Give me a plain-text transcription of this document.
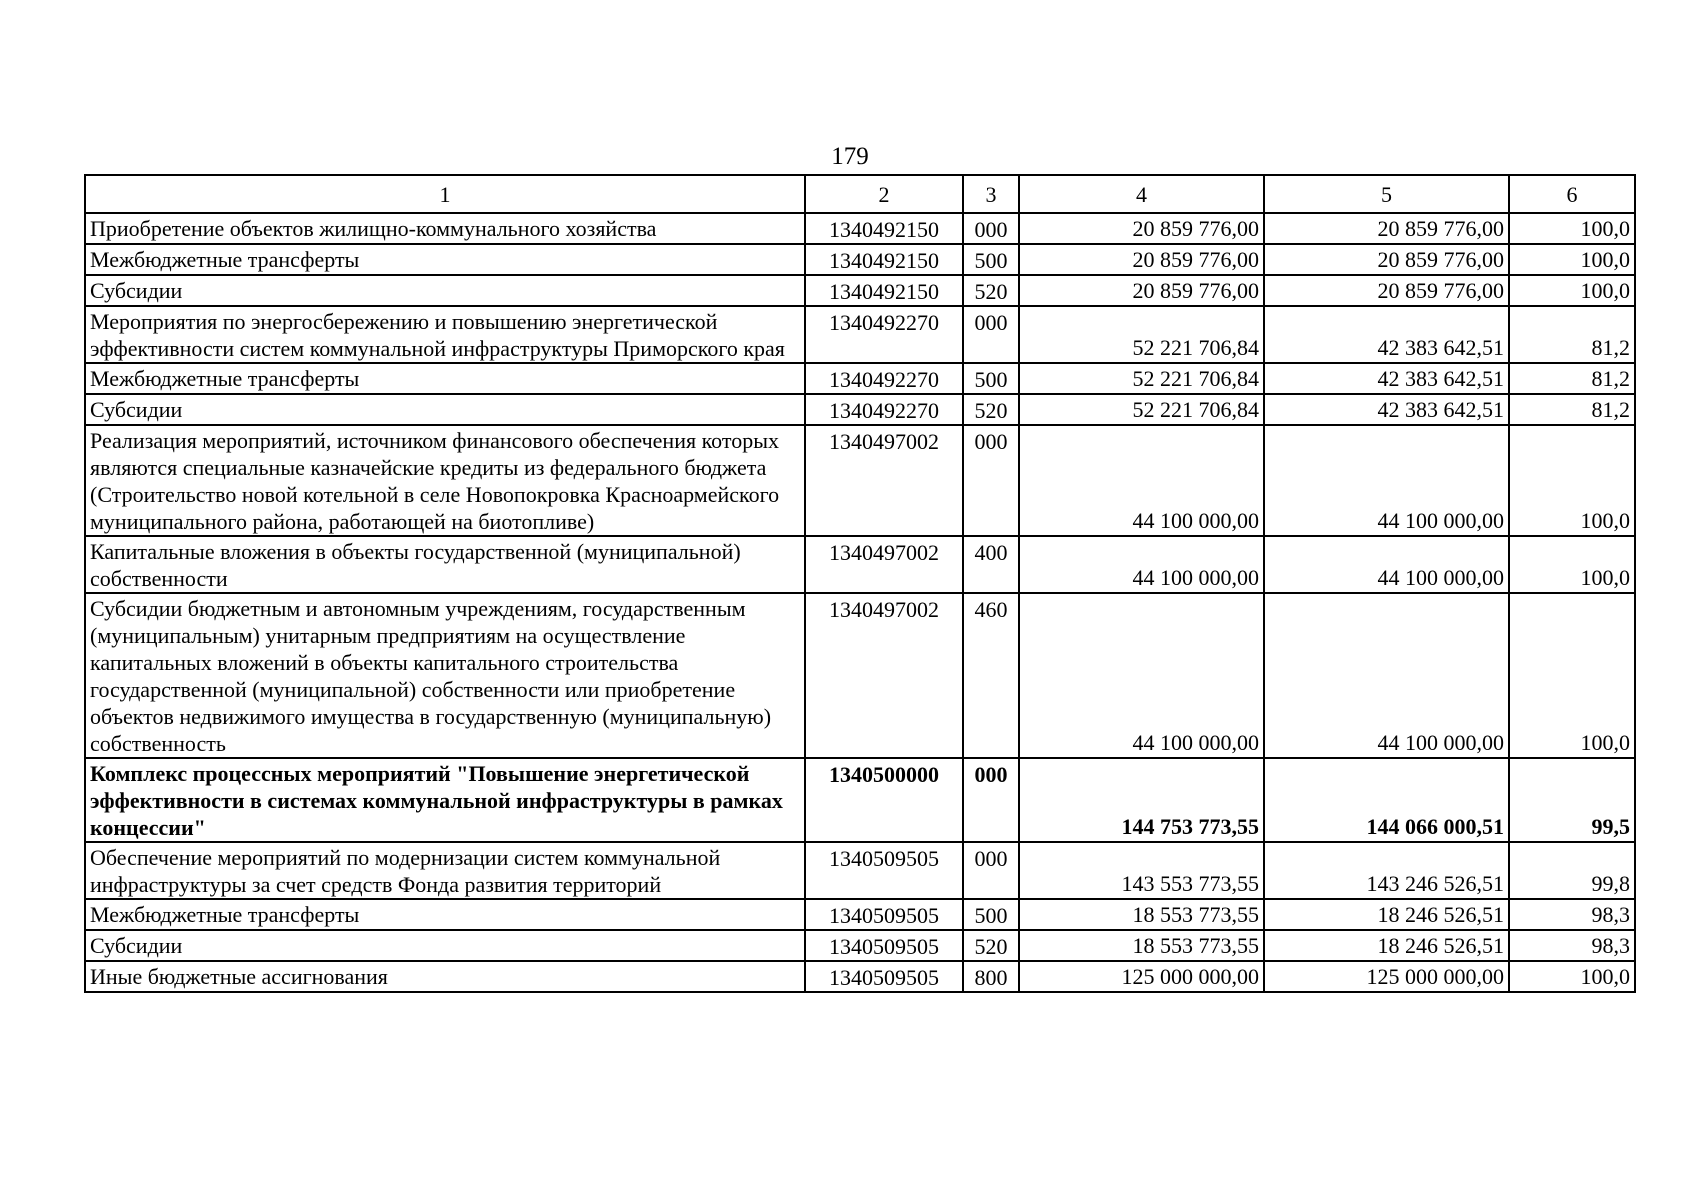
179
1	2	3	4	5	6
Приобретение объектов жилищно-коммунального хозяйства	1340492150	000	20 859 776,00	20 859 776,00	100,0
Межбюджетные трансферты	1340492150	500	20 859 776,00	20 859 776,00	100,0
Субсидии	1340492150	520	20 859 776,00	20 859 776,00	100,0
Мероприятия по энергосбережению и повышению энергетической эффективности систем коммунальной инфраструктуры Приморского края	1340492270	000	52 221 706,84	42 383 642,51	81,2
Межбюджетные трансферты	1340492270	500	52 221 706,84	42 383 642,51	81,2
Субсидии	1340492270	520	52 221 706,84	42 383 642,51	81,2
Реализация мероприятий, источником финансового обеспечения которых являются специальные казначейские кредиты из федерального бюджета (Строительство новой котельной в селе Новопокровка Красноармейского муниципального района, работающей на биотопливе)	1340497002	000	44 100 000,00	44 100 000,00	100,0
Капитальные вложения в объекты государственной (муниципальной) собственности	1340497002	400	44 100 000,00	44 100 000,00	100,0
Субсидии бюджетным и автономным учреждениям, государственным (муниципальным) унитарным предприятиям на осуществление капитальных вложений в объекты капитального строительства государственной (муниципальной) собственности или приобретение объектов недвижимого имущества в государственную (муниципальную) собственность	1340497002	460	44 100 000,00	44 100 000,00	100,0
Комплекс процессных мероприятий "Повышение энергетической эффективности в системах коммунальной инфраструктуры в рамках концессии"	1340500000	000	144 753 773,55	144 066 000,51	99,5
Обеспечение мероприятий по модернизации систем коммунальной инфраструктуры за счет средств Фонда развития территорий	1340509505	000	143 553 773,55	143 246 526,51	99,8
Межбюджетные трансферты	1340509505	500	18 553 773,55	18 246 526,51	98,3
Субсидии	1340509505	520	18 553 773,55	18 246 526,51	98,3
Иные бюджетные ассигнования	1340509505	800	125 000 000,00	125 000 000,00	100,0
